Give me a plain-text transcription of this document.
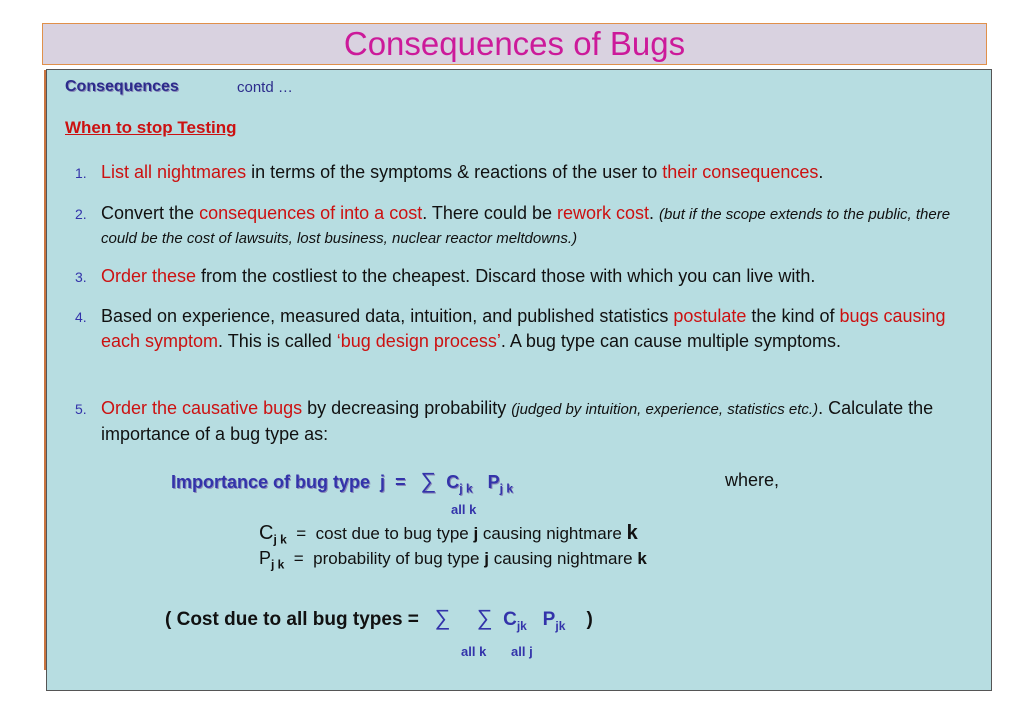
Consequences of Bugs
Consequences	contd …
When to stop Testing
1. List all nightmares in terms of the symptoms & reactions of the user to their consequences.
2. Convert the consequences of into a cost. There could be rework cost. (but if the scope extends to the public, there could be the cost of lawsuits, lost business, nuclear reactor meltdowns.)
3. Order these from the costliest to the cheapest. Discard those with which you can live with.
4. Based on experience, measured data, intuition, and published statistics postulate the kind of bugs causing each symptom. This is called ‘bug design process’. A bug type can cause multiple symptoms.
5. Order the causative bugs by decreasing probability (judged by intuition, experience, statistics etc.). Calculate the importance of a bug type as:
Importance of bug type j = ∑ $C_{j k}$ $P_{j k}$	where,
all k
$C_{j k} = \cos t$ due to bug type j causing nightmare k
$P_{j k}$  =  probability of bug type j causing nightmare k
( Cost due to all bug types = ∑ ∑ $C_{jk}$ $P_{jk}$ )
all k all j
